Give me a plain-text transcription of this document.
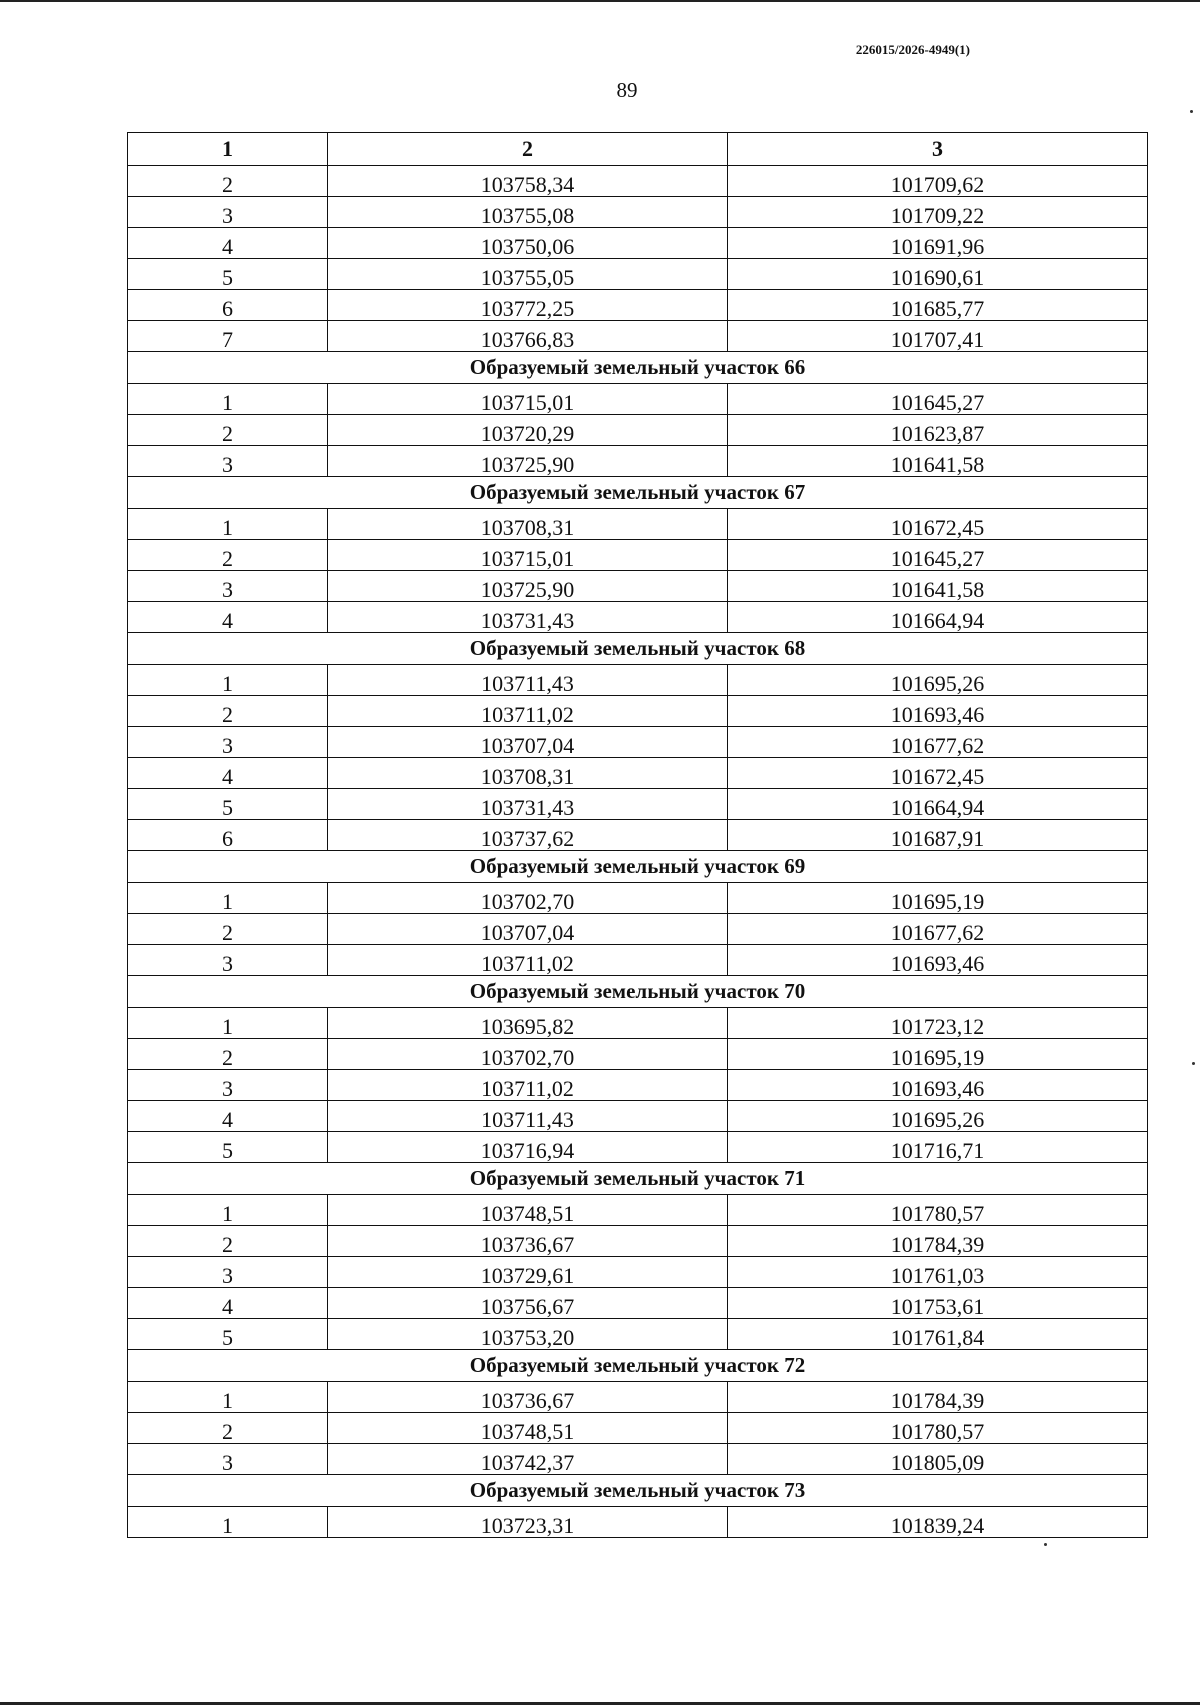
226015/2026-4949(1)
89
1	2	3
2	103758,34	101709,62
3	103755,08	101709,22
4	103750,06	101691,96
5	103755,05	101690,61
6	103772,25	101685,77
7	103766,83	101707,41
Образуемый земельный участок 66		
1	103715,01	101645,27
2	103720,29	101623,87
3	103725,90	101641,58
Образуемый земельный участок 67		
1	103708,31	101672,45
2	103715,01	101645,27
3	103725,90	101641,58
4	103731,43	101664,94
Образуемый земельный участок 68		
1	103711,43	101695,26
2	103711,02	101693,46
3	103707,04	101677,62
4	103708,31	101672,45
5	103731,43	101664,94
6	103737,62	101687,91
Образуемый земельный участок 69		
1	103702,70	101695,19
2	103707,04	101677,62
3	103711,02	101693,46
Образуемый земельный участок 70		
1	103695,82	101723,12
2	103702,70	101695,19
3	103711,02	101693,46
4	103711,43	101695,26
5	103716,94	101716,71
Образуемый земельный участок 71		
1	103748,51	101780,57
2	103736,67	101784,39
3	103729,61	101761,03
4	103756,67	101753,61
5	103753,20	101761,84
Образуемый земельный участок 72		
1	103736,67	101784,39
2	103748,51	101780,57
3	103742,37	101805,09
Образуемый земельный участок 73		
1	103723,31	101839,24
